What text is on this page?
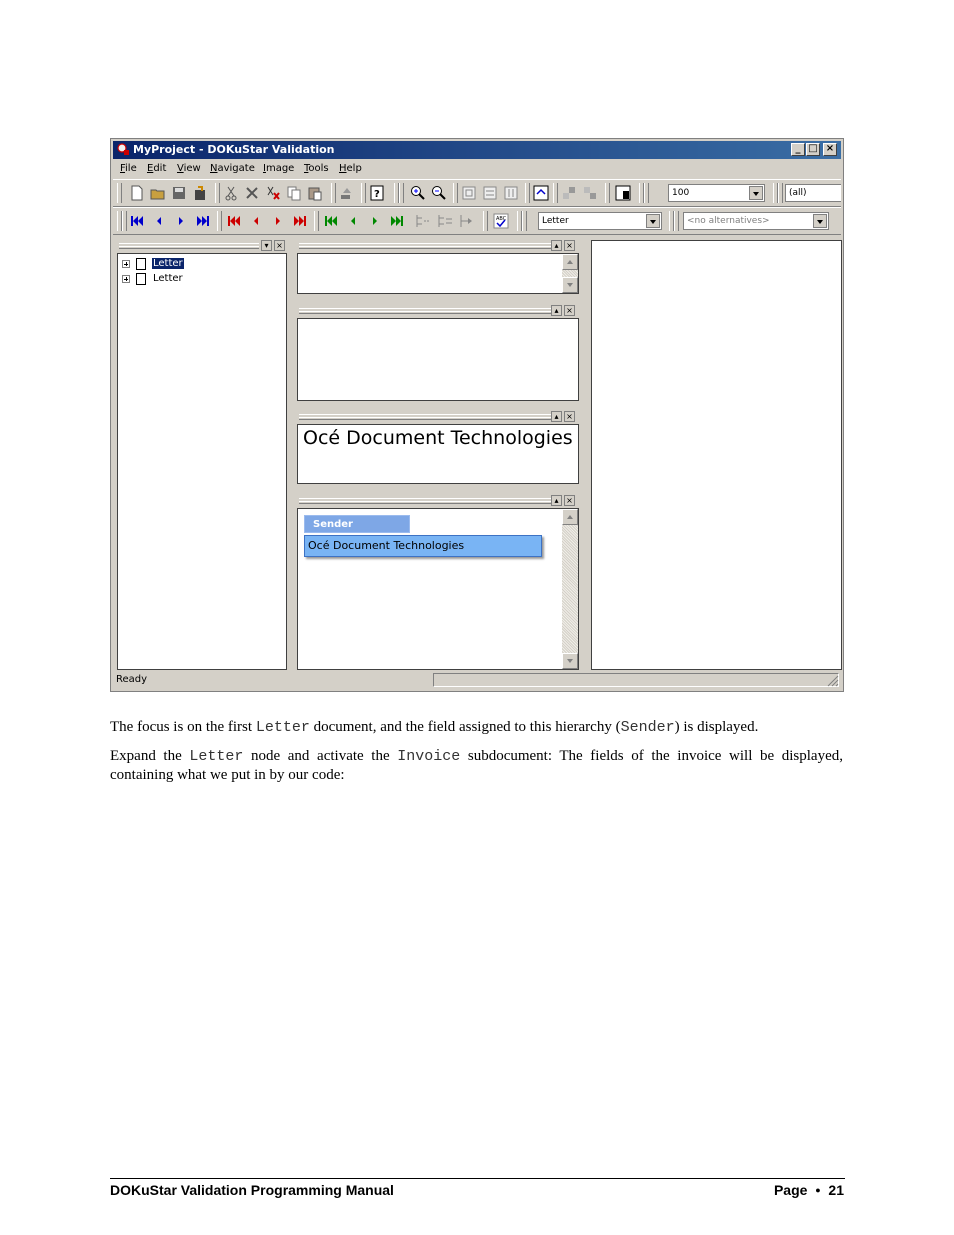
MyProject - DOKuStar Validation	_ □ ×
File Edit View Navigate Image Tools Help
?	100	(all)
ABC	Letter	<no alternatives>
▾ ×
Letter
Letter
▴ ×
▴ ×
▴ ×
Océ Document Technologies
▴ ×
Sender
Océ Document Technologies
Ready
The focus is on the first Letter document, and the field assigned to this hierarchy (Sender) is displayed.
Expand the Letter node and activate the Invoice subdocument: The fields of the invoice will be displayed, containing what we put in by our code:
DOKuStar Validation Programming Manual	Page ● 21
